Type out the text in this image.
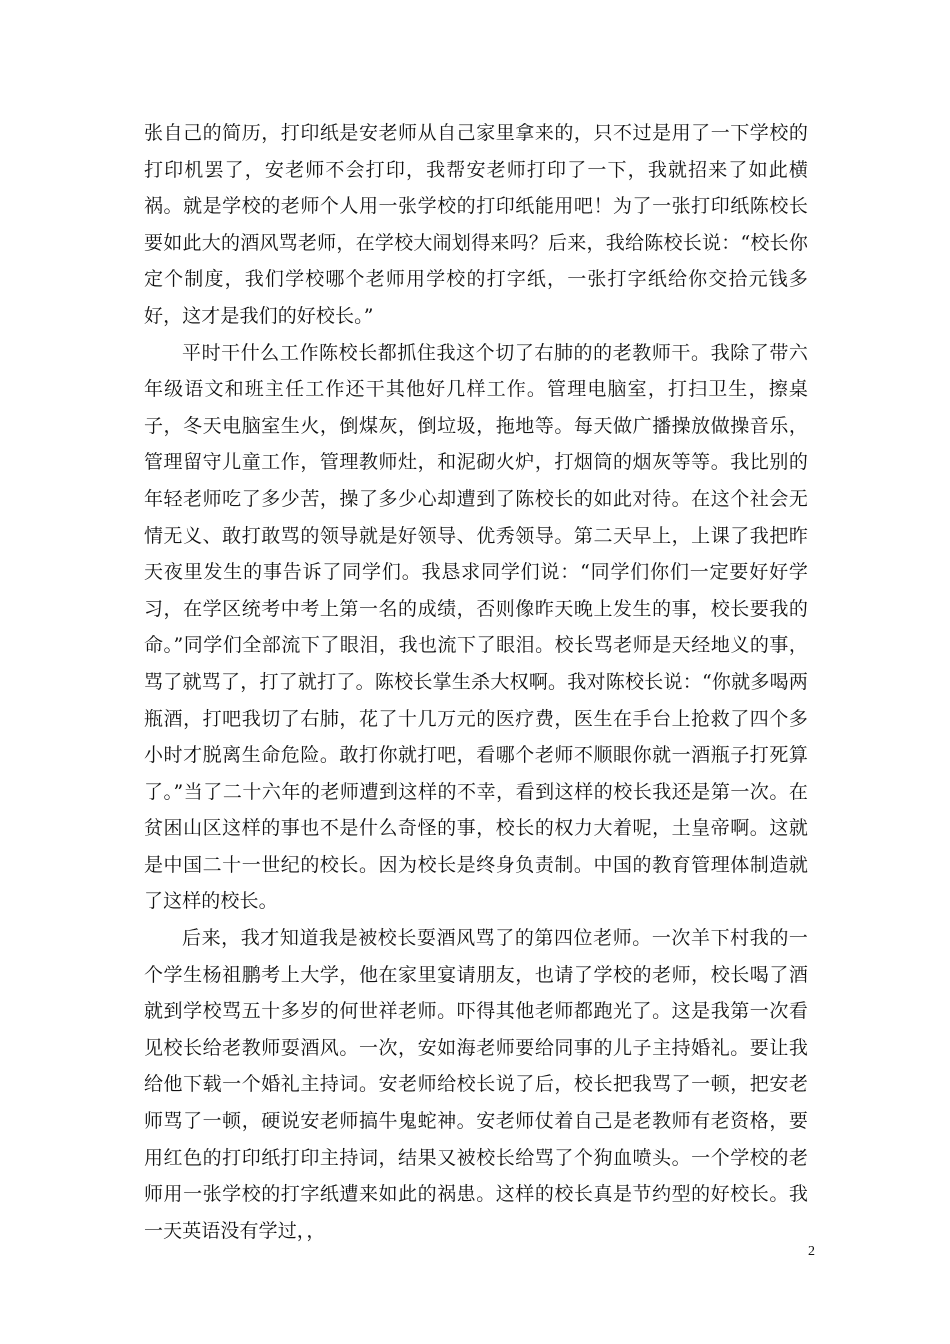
张自己的简历，打印纸是安老师从自己家里拿来的，只不过是用了一下学校的打印机罢了，安老师不会打印，我帮安老师打印了一下，我就招来了如此横祸。就是学校的老师个人用一张学校的打印纸能用吧！为了一张打印纸陈校长要如此大的酒风骂老师，在学校大闹划得来吗？后来，我给陈校长说：“校长你定个制度，我们学校哪个老师用学校的打字纸，一张打字纸给你交拾元钱多好，这才是我们的好校长。”

平时干什么工作陈校长都抓住我这个切了右肺的的老教师干。我除了带六年级语文和班主任工作还干其他好几样工作。管理电脑室，打扫卫生，擦桌子，冬天电脑室生火，倒煤灰，倒垃圾，拖地等。每天做广播操放做操音乐，管理留守儿童工作，管理教师灶，和泥砌火炉，打烟筒的烟灰等等。我比别的年轻老师吃了多少苦，操了多少心却遭到了陈校长的如此对待。在这个社会无情无义、敢打敢骂的领导就是好领导、优秀领导。第二天早上，上课了我把昨天夜里发生的事告诉了同学们。我恳求同学们说：“同学们你们一定要好好学习，在学区统考中考上第一名的成绩，否则像昨天晚上发生的事，校长要我的命。”同学们全部流下了眼泪，我也流下了眼泪。校长骂老师是天经地义的事，骂了就骂了，打了就打了。陈校长掌生杀大权啊。我对陈校长说：“你就多喝两瓶酒，打吧我切了右肺，花了十几万元的医疗费，医生在手台上抢救了四个多小时才脱离生命危险。敢打你就打吧，看哪个老师不顺眼你就一酒瓶子打死算了。”当了二十六年的老师遭到这样的不幸，看到这样的校长我还是第一次。在贫困山区这样的事也不是什么奇怪的事，校长的权力大着呢，土皇帝啊。这就是中国二十一世纪的校长。因为校长是终身负责制。中国的教育管理体制造就了这样的校长。

后来，我才知道我是被校长耍酒风骂了的第四位老师。一次羊下村我的一个学生杨祖鹏考上大学，他在家里宴请朋友，也请了学校的老师，校长喝了酒就到学校骂五十多岁的何世祥老师。吓得其他老师都跑光了。这是我第一次看见校长给老教师耍酒风。一次，安如海老师要给同事的儿子主持婚礼。要让我给他下载一个婚礼主持词。安老师给校长说了后，校长把我骂了一顿，把安老师骂了一顿，硬说安老师搞牛鬼蛇神。安老师仗着自己是老教师有老资格，要用红色的打印纸打印主持词，结果又被校长给骂了个狗血喷头。一个学校的老师用一张学校的打字纸遭来如此的祸患。这样的校长真是节约型的好校长。我一天英语没有学过，，

2
